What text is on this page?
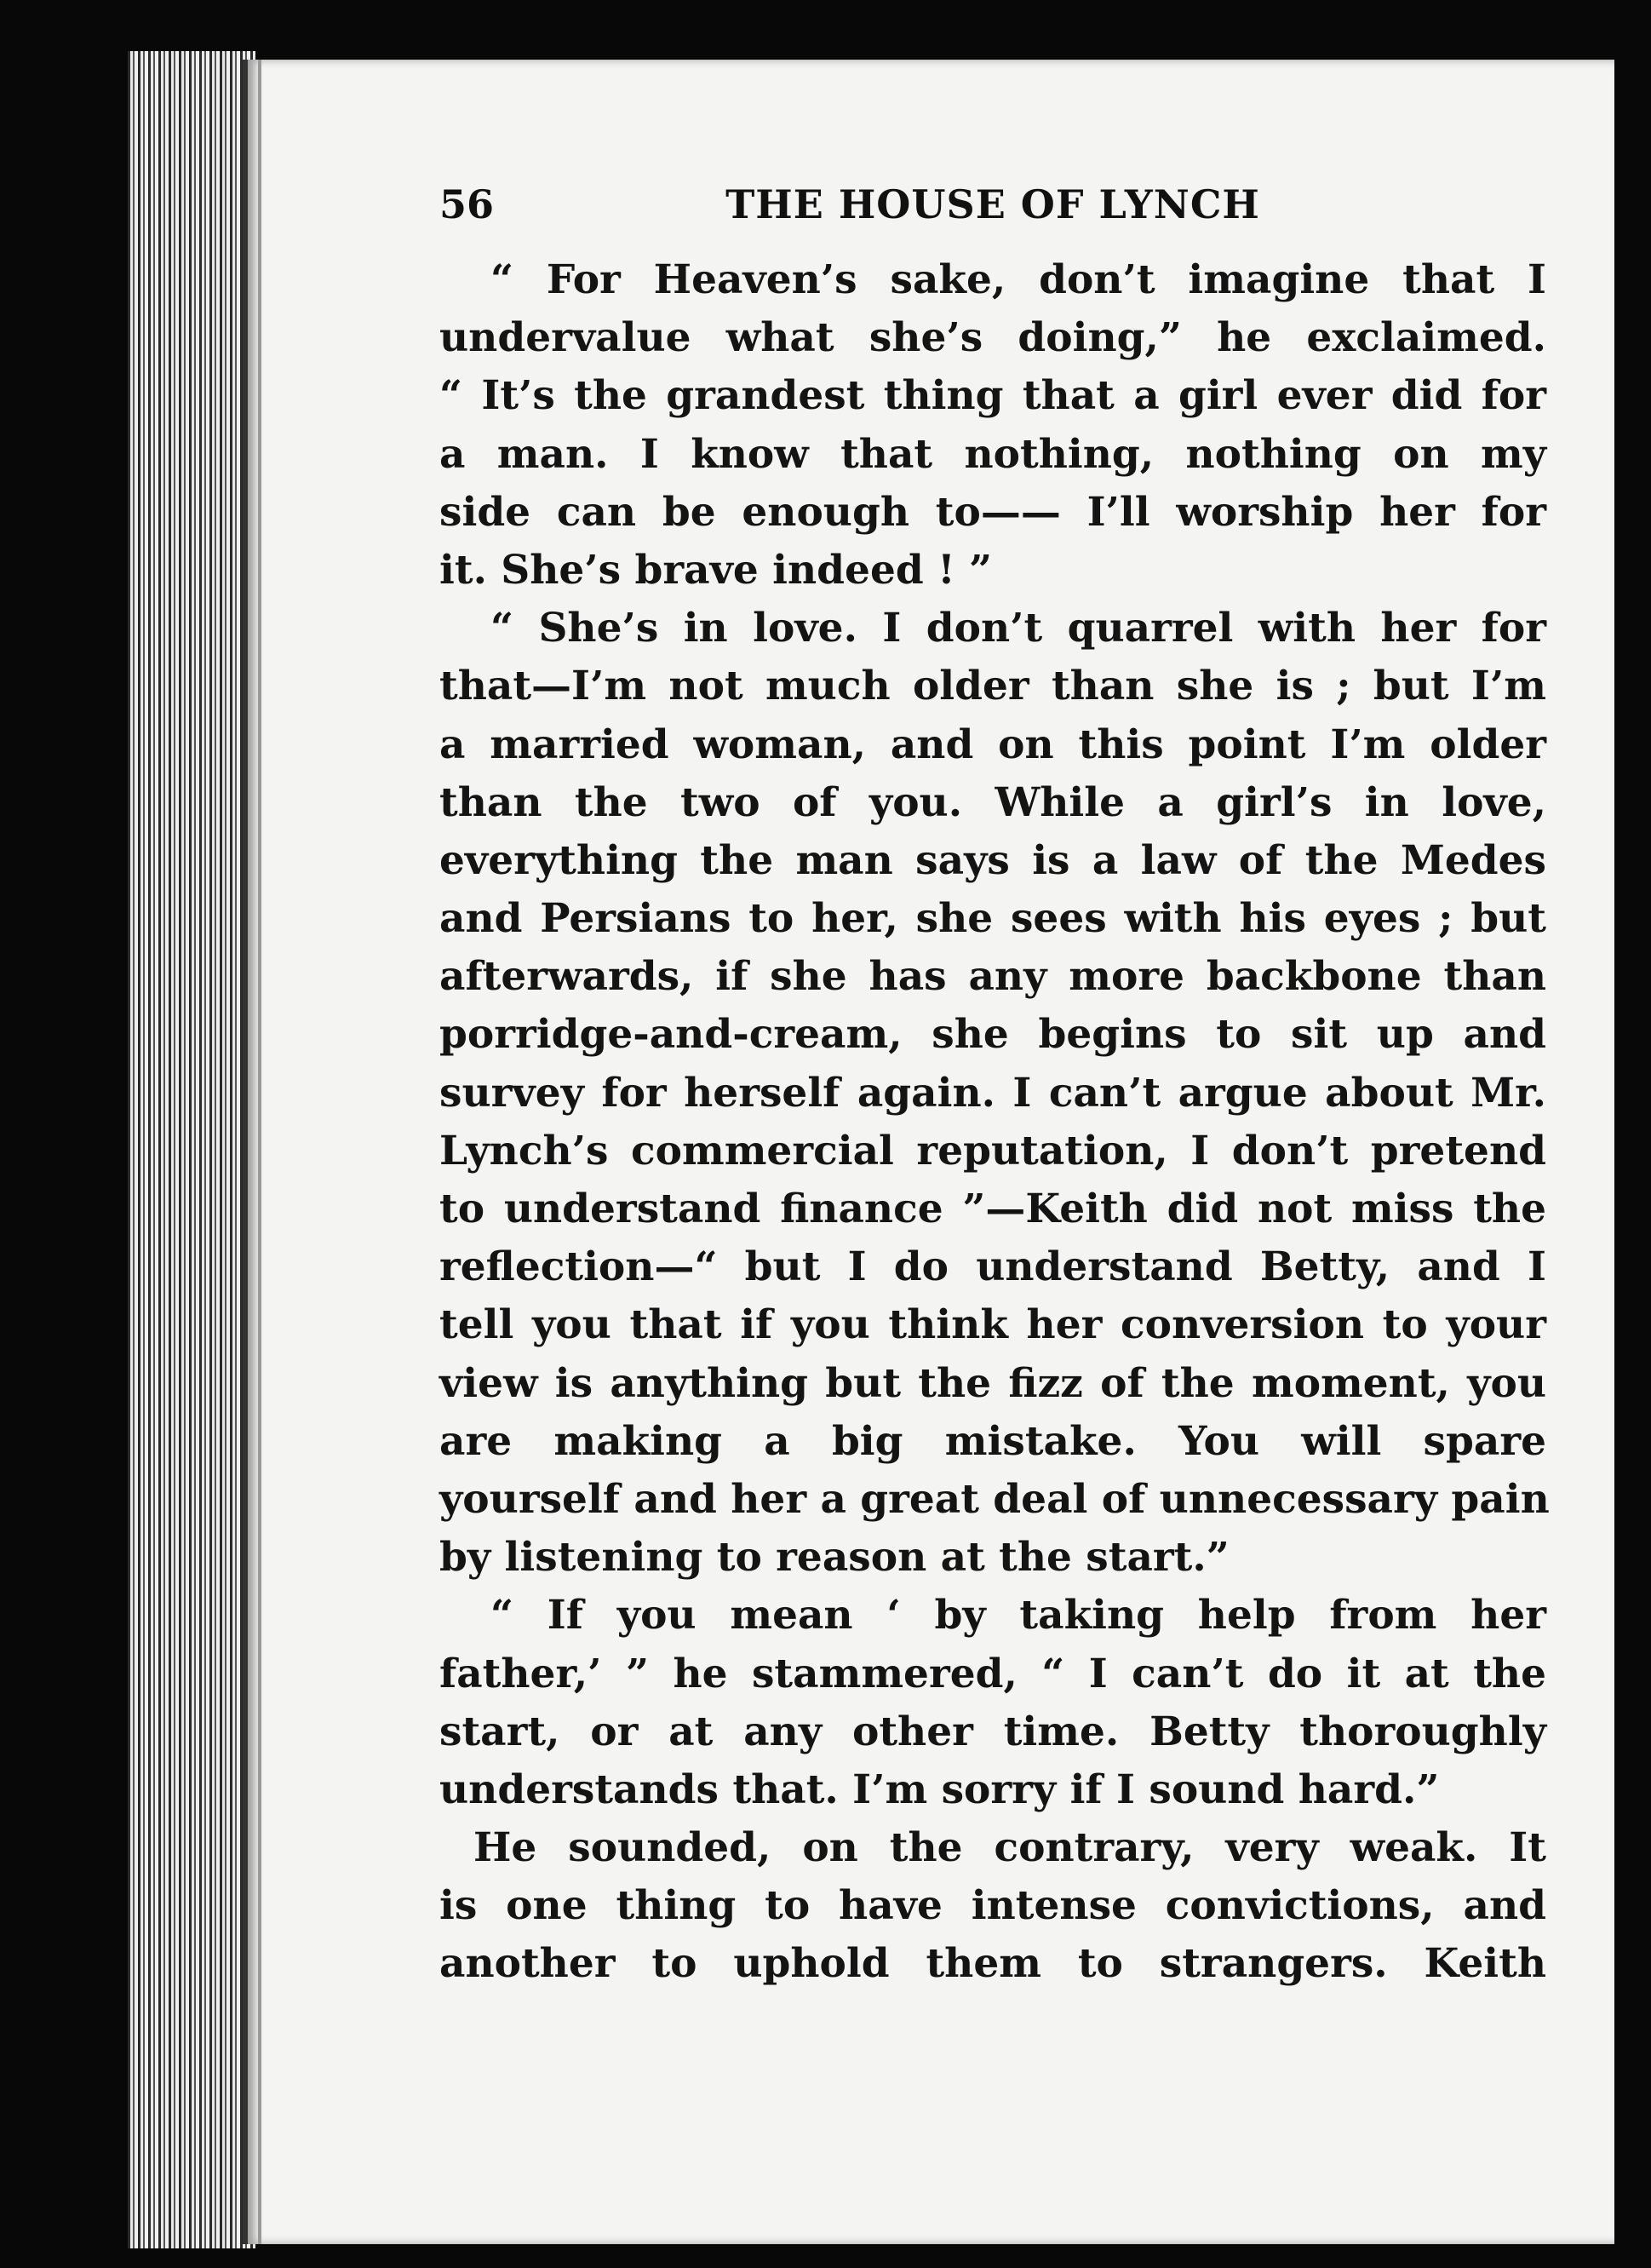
56	THE HOUSE OF LYNCH
“ For Heaven’s sake, don’t imagine that I
undervalue what she’s doing,” he exclaimed.
“ It’s the grandest thing that a girl ever did for
a man. I know that nothing, nothing on my
side can be enough to—— I’ll worship her for
it. She’s brave indeed ! ”
“ She’s in love. I don’t quarrel with her for
that—I’m not much older than she is ; but I’m
a married woman, and on this point I’m older
than the two of you. While a girl’s in love,
everything the man says is a law of the Medes
and Persians to her, she sees with his eyes ; but
afterwards, if she has any more backbone than
porridge-and-cream, she begins to sit up and
survey for herself again. I can’t argue about Mr.
Lynch’s commercial reputation, I don’t pretend
to understand finance ”—Keith did not miss the
reflection—“ but I do understand Betty, and I
tell you that if you think her conversion to your
view is anything but the fizz of the moment, you
are making a big mistake. You will spare
yourself and her a great deal of unnecessary pain
by listening to reason at the start.”
“ If you mean ‘ by taking help from her
father,’ ” he stammered, “ I can’t do it at the
start, or at any other time. Betty thoroughly
understands that. I’m sorry if I sound hard.”
He sounded, on the contrary, very weak. It
is one thing to have intense convictions, and
another to uphold them to strangers. Keith
